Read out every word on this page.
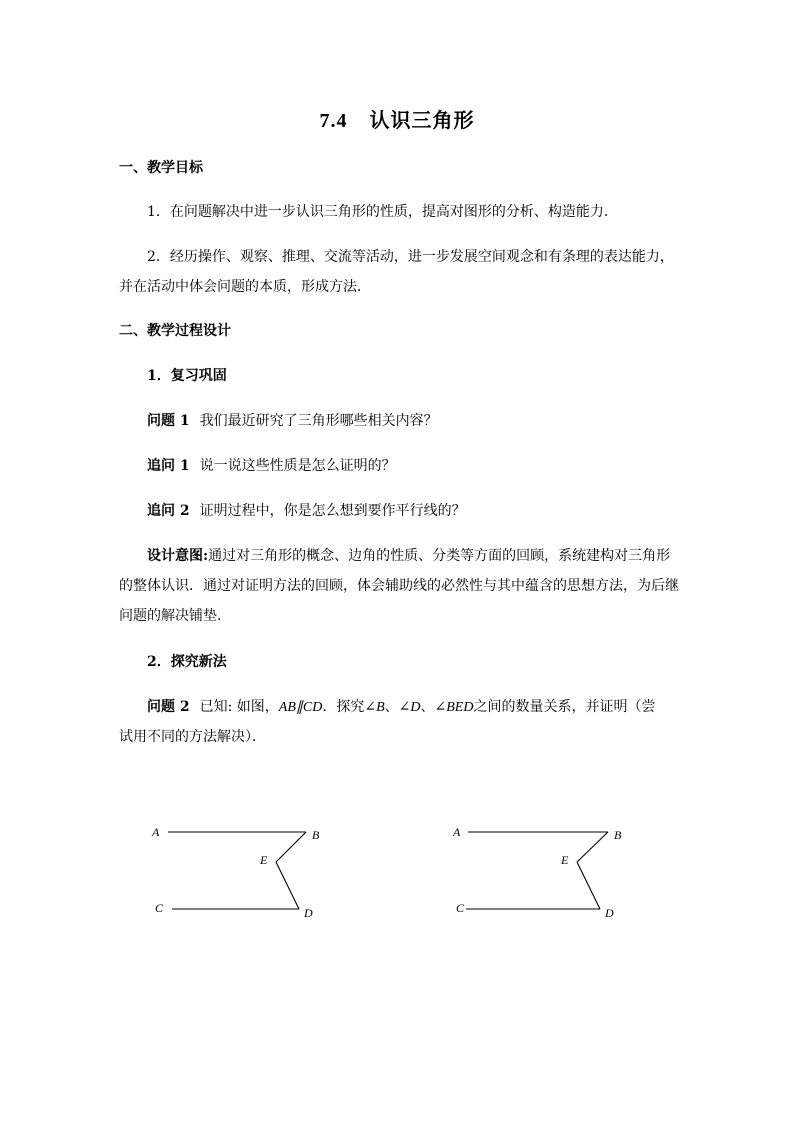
7.4 认识三角形
一、教学目标
1．在问题解决中进一步认识三角形的性质，提高对图形的分析、构造能力．
2．经历操作、观察、推理、交流等活动，进一步发展空间观念和有条理的表达能力，
并在活动中体会问题的本质，形成方法．
二、教学过程设计
1．复习巩固
问题 1 我们最近研究了三角形哪些相关内容？
追问 1 说一说这些性质是怎么证明的？
追问 2 证明过程中，你是怎么想到要作平行线的？
设计意图:通过对三角形的概念、边角的性质、分类等方面的回顾，系统建构对三角形
的整体认识．通过对证明方法的回顾，体会辅助线的必然性与其中蕴含的思想方法，为后继
问题的解决铺垫．
2．探究新法
问题 2 已知: 如图，AB∥CD．探究∠B、∠D、∠BED之间的数量关系，并证明（尝
试用不同的方法解决）．
A	B
E
C	D
A	B
E
C	D
